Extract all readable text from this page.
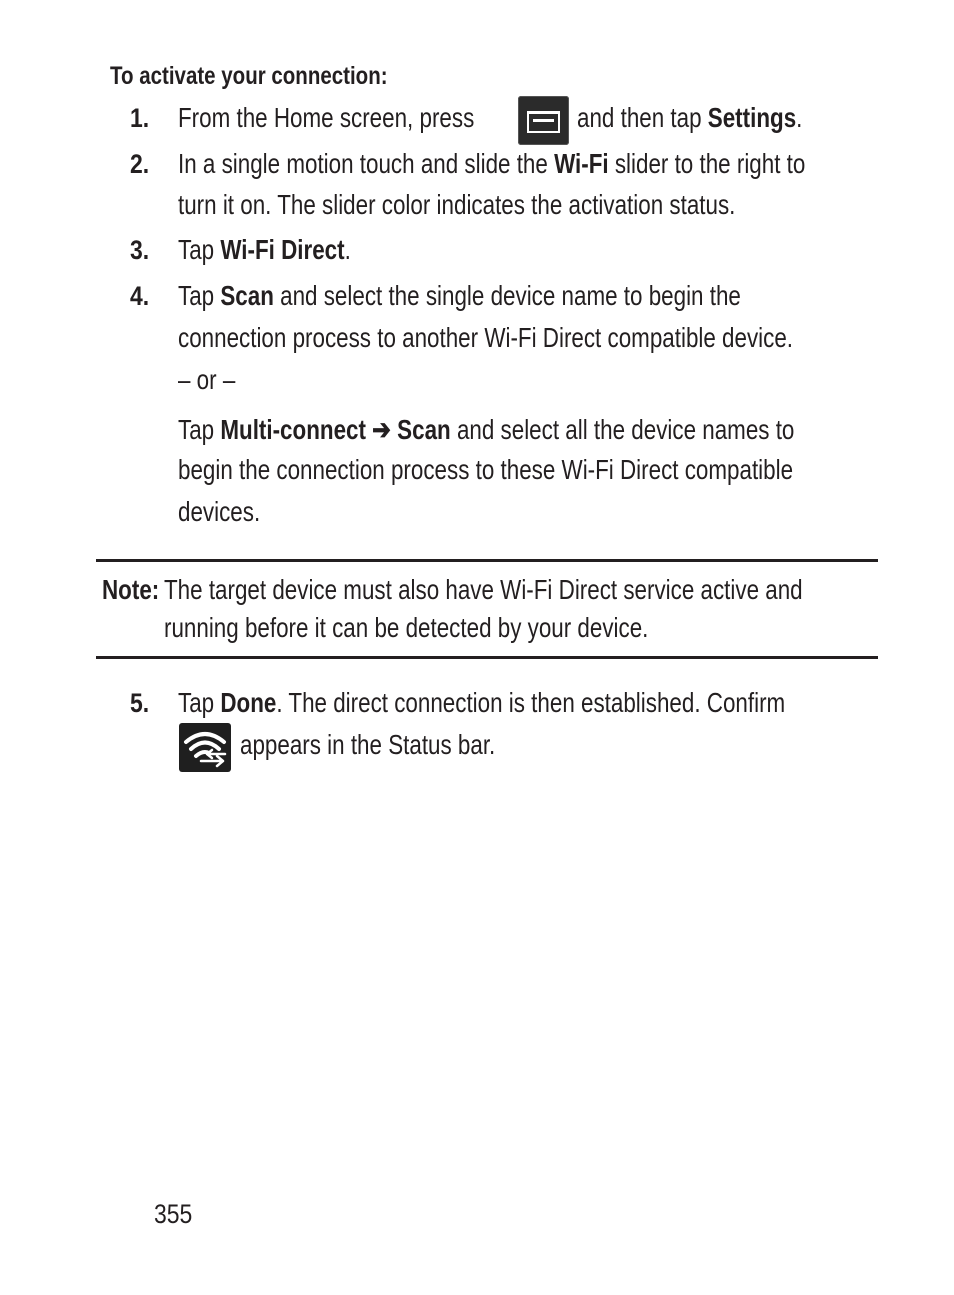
To activate your connection:
1. From the Home screen, press	and then tap Settings.
2. In a single motion touch and slide the Wi-Fi slider to the right to
turn it on. The slider color indicates the activation status.
3. Tap Wi-Fi Direct.
4. Tap Scan and select the single device name to begin the
connection process to another Wi-Fi Direct compatible device.
– or –
Tap Multi-connect ➔ Scan and select all the device names to
begin the connection process to these Wi-Fi Direct compatible
devices.
Note: The target device must also have Wi-Fi Direct service active and
running before it can be detected by your device.
5. Tap Done. The direct connection is then established. Confirm
appears in the Status bar.
355
